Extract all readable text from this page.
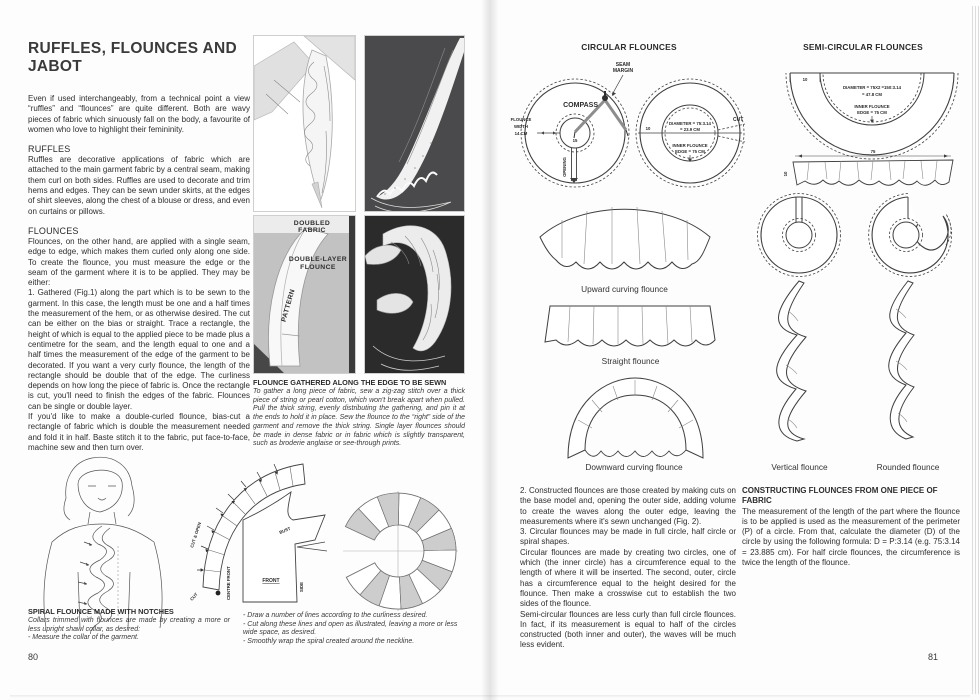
RUFFLES, FLOUNCES AND JABOT
Even if used interchangeably, from a technical point a view “ruffles” and “flounces” are quite different. Both are wavy pieces of fabric which sinuously fall on the body, a favourite of women who love to highlight their femininity.
RUFFLES
Ruffles are decorative applications of fabric which are attached to the main garment fabric by a central seam, making them curl on both sides. Ruffles are used to decorate and trim hems and edges. They can be sewn under skirts, at the edges of shirt sleeves, along the chest of a blouse or dress, and even on curtains or pillows.
FLOUNCES

Flounces, on the other hand, are applied with a single seam, edge to edge, which makes them curled only along one side. To create the flounce, you must measure the edge or the seam of the garment where it is to be applied. They may be either:

1. Gathered (Fig.1) along the part which is to be sewn to the garment. In this case, the length must be one and a half times the measurement of the hem, or as otherwise desired. The cut can be either on the bias or straight. Trace a rectangle, the height of which is equal to the applied piece to be made plus a centimetre for the seam, and the length equal to one and a half times the measurement of the edge of the garment to be decorated. If you want a very curly flounce, the length of the rectangle should be double that of the edge. The curliness depends on how long the piece of fabric is. Once the rectangle is cut, you'll need to finish the edges of the fabric. Flounces can be single or double layer.

If you'd like to make a double-curled flounce, bias-cut a rectangle of fabric which is double the measurement needed and fold it in half. Baste stitch it to the fabric, put face-to-face, machine sew and then turn over.

DOUBLED
FABRIC
DOUBLE-LAYER
FLOUNCE
PATTERN

FLOUNCE GATHERED ALONG THE EDGE TO BE SEWN

To gather a long piece of fabric, sew a zig-zag stitch over a thick piece of string or pearl cotton, which won't break apart when pulled. Pull the thick string, evenly distributing the gathering, and pin it at the ends to hold it in place. Sew the flounce to the “right” side of the garment and remove the thick string. Single layer flounces should be made in dense fabric or in fabric which is slightly transparent, such as broderie anglaise or see-through prints.

SPIRAL FLOUNCE MADE WITH NOTCHES

Collars trimmed with flounces are made by creating a more or less upright shawl collar, as desired:

- Measure the collar of the garment.

CUT & OPEN
CUT	CENTRE FRONT
BUST
FRONT
SIDE
- Draw a number of lines according to the curliness desired.
- Cut along these lines and open as illustrated, leaving a more or less wide space, as desired.
- Smoothly wrap the spiral created around the neckline.
80
CIRCULAR FLOUNCES	SEMI-CIRCULAR FLOUNCES
OPENING
15
COMPASS
SEAM
MARGIN
FLOUNCE
WIDTH
14 CM
10
DIAMETER = 75:3.14
= 23.9 CM
INNER FLOUNCE
EDGE = 75 CM
CUT
10
DIAMETER = 75X2 =150:3.14
= 47.8 CM
INNER FLOUNCE
EDGE = 75 CM
75
10
Upward curving flounce
Straight flounce
Downward curving flounce	Vertical flounce	Rounded flounce

2. Constructed flounces are those created by making cuts on the base model and, opening the outer side, adding volume to create the waves along the outer edge, leaving the measurements where it's sewn unchanged (Fig. 2).

3. Circular flounces may be made in full circle, half circle or spiral shapes.

Circular flounces are made by creating two circles, one of which (the inner circle) has a circumference equal to the length of where it will be inserted. The second, outer, circle has a circumference equal to the height desired for the flounce. Then make a crosswise cut to establish the two sides of the flounce.

Semi-circular flounces are less curly than full circle flounces. In fact, if its measurement is equal to half of the circles constructed (both inner and outer), the waves will be much less evident.

CONSTRUCTING FLOUNCES FROM ONE PIECE OF FABRIC
The measurement of the length of the part where the flounce is to be applied is used as the measurement of the perimeter (P) of a circle. From that, calculate the diameter (D) of the circle by using the following formula: D = P:3.14 (e.g. 75:3.14 = 23.885 cm). For half circle flounces, the circumference is twice the length of the flounce.
81
